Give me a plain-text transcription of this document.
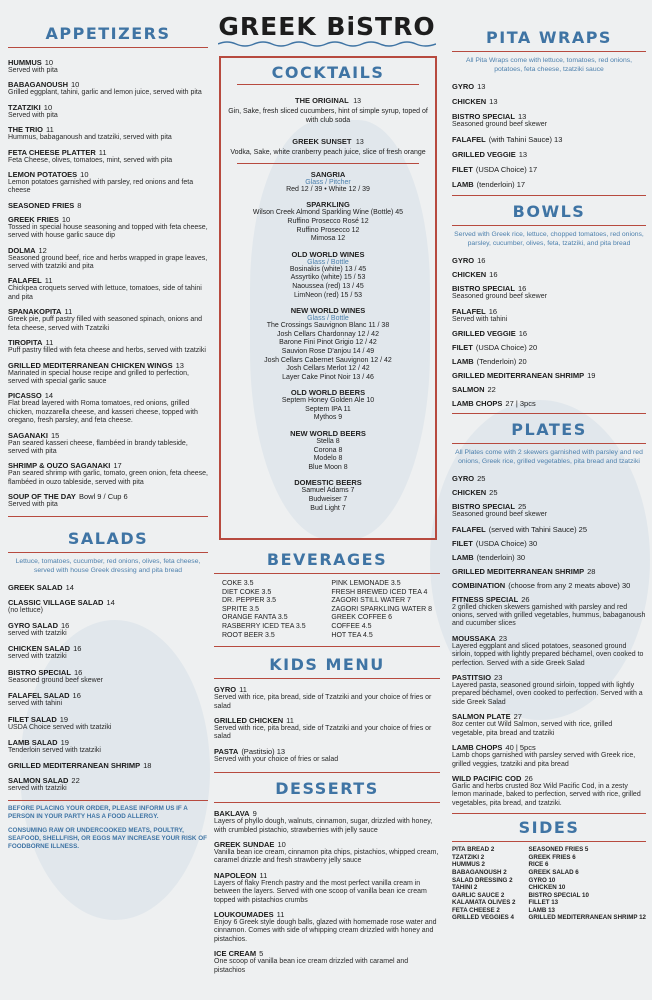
APPETIZERS
HUMMUS 10
Served with pita
BABAGANOUSH 10
Grilled eggplant, tahini, garlic and lemon juice, served with pita
TZATZIKI 10
Served with pita
THE TRIO 11
Hummus, babaganoush and tzatziki, served with pita
FETA CHEESE PLATTER 11
Feta Cheese, olives, tomatoes, mint, served with pita
LEMON POTATOES 10
Lemon potatoes garnished with parsley, red onions and feta cheese
SEASONED FRIES 8
GREEK FRIES 10
Tossed in special house seasoning and topped with feta cheese, served with house garlic sauce dip
DOLMA 12
Seasoned ground beef, rice and herbs wrapped in grape leaves, served with tzatziki and pita
FALAFEL 11
Chickpea croquets served with lettuce, tomatoes, side of tahini and pita
SPANAKOPITA 11
Greek pie, puff pastry filled with seasoned spinach, onions and feta cheese, served with Tzatziki
TIROPITA 11
Puff pastry filled with feta cheese and herbs, served with tzatziki
GRILLED MEDITERRANEAN CHICKEN WINGS 13
Marinated in special house recipe and grilled to perfection, served with special garlic sauce
PICASSO 14
Flat bread layered with Roma tomatoes, red onions, grilled chicken, mozzarella cheese, and kasseri cheese, topped with oregano, fresh parsley, and feta cheese.
SAGANAKI 15
Pan seared kasseri cheese, flambéed in brandy tableside, served with pita
SHRIMP & OUZO SAGANAKI 17
Pan seared shrimp with garlic, tomato, green onion, feta cheese, flambéed in ouzo tableside, served with pita
SOUP OF THE DAY Bowl 9 / Cup 6
Served with pita
SALADS
Lettuce, tomatoes, cucumber, red onions, olives, feta cheese, served with house Greek dressing and pita bread
GREEK SALAD 14
CLASSIC VILLAGE SALAD 14
(no lettuce)
GYRO SALAD 16
served with tzatziki
CHICKEN SALAD 16
served with tzatziki
BISTRO SPECIAL 16
Seasoned ground beef skewer
FALAFEL SALAD 16
served with tahini
FILET SALAD 19
USDA Choice served with tzatziki
LAMB SALAD 19
Tenderloin served with tzatziki
GRILLED MEDITERRANEAN SHRIMP 18
SALMON SALAD 22
served with tzatziki
BEFORE PLACING YOUR ORDER, PLEASE INFORM US IF A PERSON IN YOUR PARTY HAS A FOOD ALLERGY.
CONSUMING RAW OR UNDERCOOKED MEATS, POULTRY, SEAFOOD, SHELLFISH, OR EGGS MAY INCREASE YOUR RISK OF FOODBORNE ILLNESS.
GREEK BiSTRO
COCKTAILS
THE ORIGINAL 13
Gin, Sake, fresh sliced cucumbers, hint of simple syrup, toped of with club soda
GREEK SUNSET 13
Vodka, Sake, white cranberry peach juice, slice of fresh orange
SANGRIA
Glass / Pitcher
Red 12 / 39 • White 12 / 39
SPARKLING
Wilson Creek Almond Sparkling Wine (Bottle) 45
Ruffino Prosecco Rosé 12
Ruffino Prosecco 12
Mimosa 12
OLD WORLD WINES
Glass / Bottle
Bosinakis (white) 13 / 45
Assyrtiko (white) 15 / 53
Naoussea (red) 13 / 45
LimNeon (red) 15 / 53
NEW WORLD WINES
Glass / Bottle
The Crossings Sauvignon Blanc 11 / 38
Josh Cellars Chardonnay 12 / 42
Barone Fini Pinot Grigio 12 / 42
Sauvion Rose D'anjou 14 / 49
Josh Cellars Cabernet Sauvignon 12 / 42
Josh Cellars Merlot 12 / 42
Layer Cake Pinot Noir 13 / 46
OLD WORLD BEERS
Septem Honey Golden Ale 10
Septem IPA 11
Mythos 9
NEW WORLD BEERS
Stella 8
Corona 8
Modelo 8
Blue Moon 8
DOMESTIC BEERS
Samuel Adams 7
Budweiser 7
Bud Light 7
BEVERAGES
COKE 3.5
DIET COKE 3.5
DR. PEPPER 3.5
SPRITE 3.5
ORANGE FANTA 3.5
RASBERRY ICED TEA 3.5
ROOT BEER 3.5
PINK LEMONADE 3.5
FRESH BREWED ICED TEA 4
ZAGORI STILL WATER 7
ZAGORI SPARKLING WATER 8
GREEK COFFEE 6
COFFEE 4.5
HOT TEA 4.5
KIDS MENU
GYRO 11
Served with rice, pita bread, side of Tzatziki and your choice of fries or salad
GRILLED CHICKEN 11
Served with rice, pita bread, side of Tzatziki and your choice of fries or salad
PASTA (Pastitsio) 13
Served with your choice of fries or salad
DESSERTS
BAKLAVA 9
Layers of phyllo dough, walnuts, cinnamon, sugar, drizzled with honey, with crumbled pistachio, strawberries with jelly sauce
GREEK SUNDAE 10
Vanilla bean ice cream, cinnamon pita chips, pistachios, whipped cream, caramel drizzle and fresh strawberry jelly sauce
NAPOLEON 11
Layers of flaky French pastry and the most perfect vanilla cream in between the layers. Served with one scoop of vanilla bean ice cream topped with pistachios crumbs
LOUKOUMADES 11
Enjoy 6 Greek style dough balls, glazed with homemade rose water and cinnamon. Comes with side of whipping cream drizzled with honey and pistachios.
ICE CREAM 5
One scoop of vanilla bean ice cream drizzled with caramel and pistachios
PITA WRAPS
All Pita Wraps come with lettuce, tomatoes, red onions, potatoes, feta cheese, tzatziki sauce
GYRO 13
CHICKEN 13
BISTRO SPECIAL 13
Seasoned ground beef skewer
FALAFEL (with Tahini Sauce) 13
GRILLED VEGGIE 13
FILET (USDA Choice) 17
LAMB (tenderloin) 17
BOWLS
Served with Greek rice, lettuce, chopped tomatoes, red onions, parsley, cucumber, olives, feta, tzatziki, and pita bread
GYRO 16
CHICKEN 16
BISTRO SPECIAL 16
Seasoned ground beef skewer
FALAFEL 16
Served with tahini
GRILLED VEGGIE 16
FILET (USDA Choice) 20
LAMB (Tenderloin) 20
GRILLED MEDITERRANEAN SHRIMP 19
SALMON 22
LAMB CHOPS 27 | 3pcs
PLATES
All Plates come with 2 skewers garnished with parsley and red onions, Greek rice, grilled vegetables, pita bread and tzatziki
GYRO 25
CHICKEN 25
BISTRO SPECIAL 25
Seasoned ground beef skewer
FALAFEL (served with Tahini Sauce) 25
FILET (USDA Choice) 30
LAMB (tenderloin) 30
GRILLED MEDITERRANEAN SHRIMP 28
COMBINATION (choose from any 2 meats above) 30
FITNESS SPECIAL 26
2 grilled chicken skewers garnished with parsley and red onions, served with grilled vegetables, hummus, babaganoush and cucumber slices
MOUSSAKA 23
Layered eggplant and sliced potatoes, seasoned ground sirloin, topped with lightly prepared béchamel, oven cooked to perfection. Served with a side Greek Salad
PASTITSIO 23
Layered pasta, seasoned ground sirloin, topped with lightly prepared béchamel, oven cooked to perfection. Served with a side Greek Salad
SALMON PLATE 27
8oz center cut Wild Salmon, served with rice, grilled vegetable, pita bread and tzatziki
LAMB CHOPS 40 | 5pcs
Lamb chops garnished with parsley served with Greek rice, grilled veggies, tzatziki and pita bread
WILD PACIFIC COD 26
Garlic and herbs crusted 8oz Wild Pacific Cod, in a zesty lemon marinade, baked to perfection, served with rice, grilled vegetables, pita bread, and tzatziki.
SIDES
PITA BREAD 2
TZATZIKI 2
HUMMUS 2
BABAGANOUSH 2
SALAD DRESSING 2
TAHINI 2
GARLIC SAUCE 2
KALAMATA OLIVES 2
FETA CHEESE 2
GRILLED VEGGIES 4
SEASONED FRIES 5
GREEK FRIES 6
RICE 6
GREEK SALAD 6
GYRO 10
CHICKEN 10
BISTRO SPECIAL 10
FILLET 13
LAMB 13
GRILLED MEDITERRANEAN SHRIMP 12
